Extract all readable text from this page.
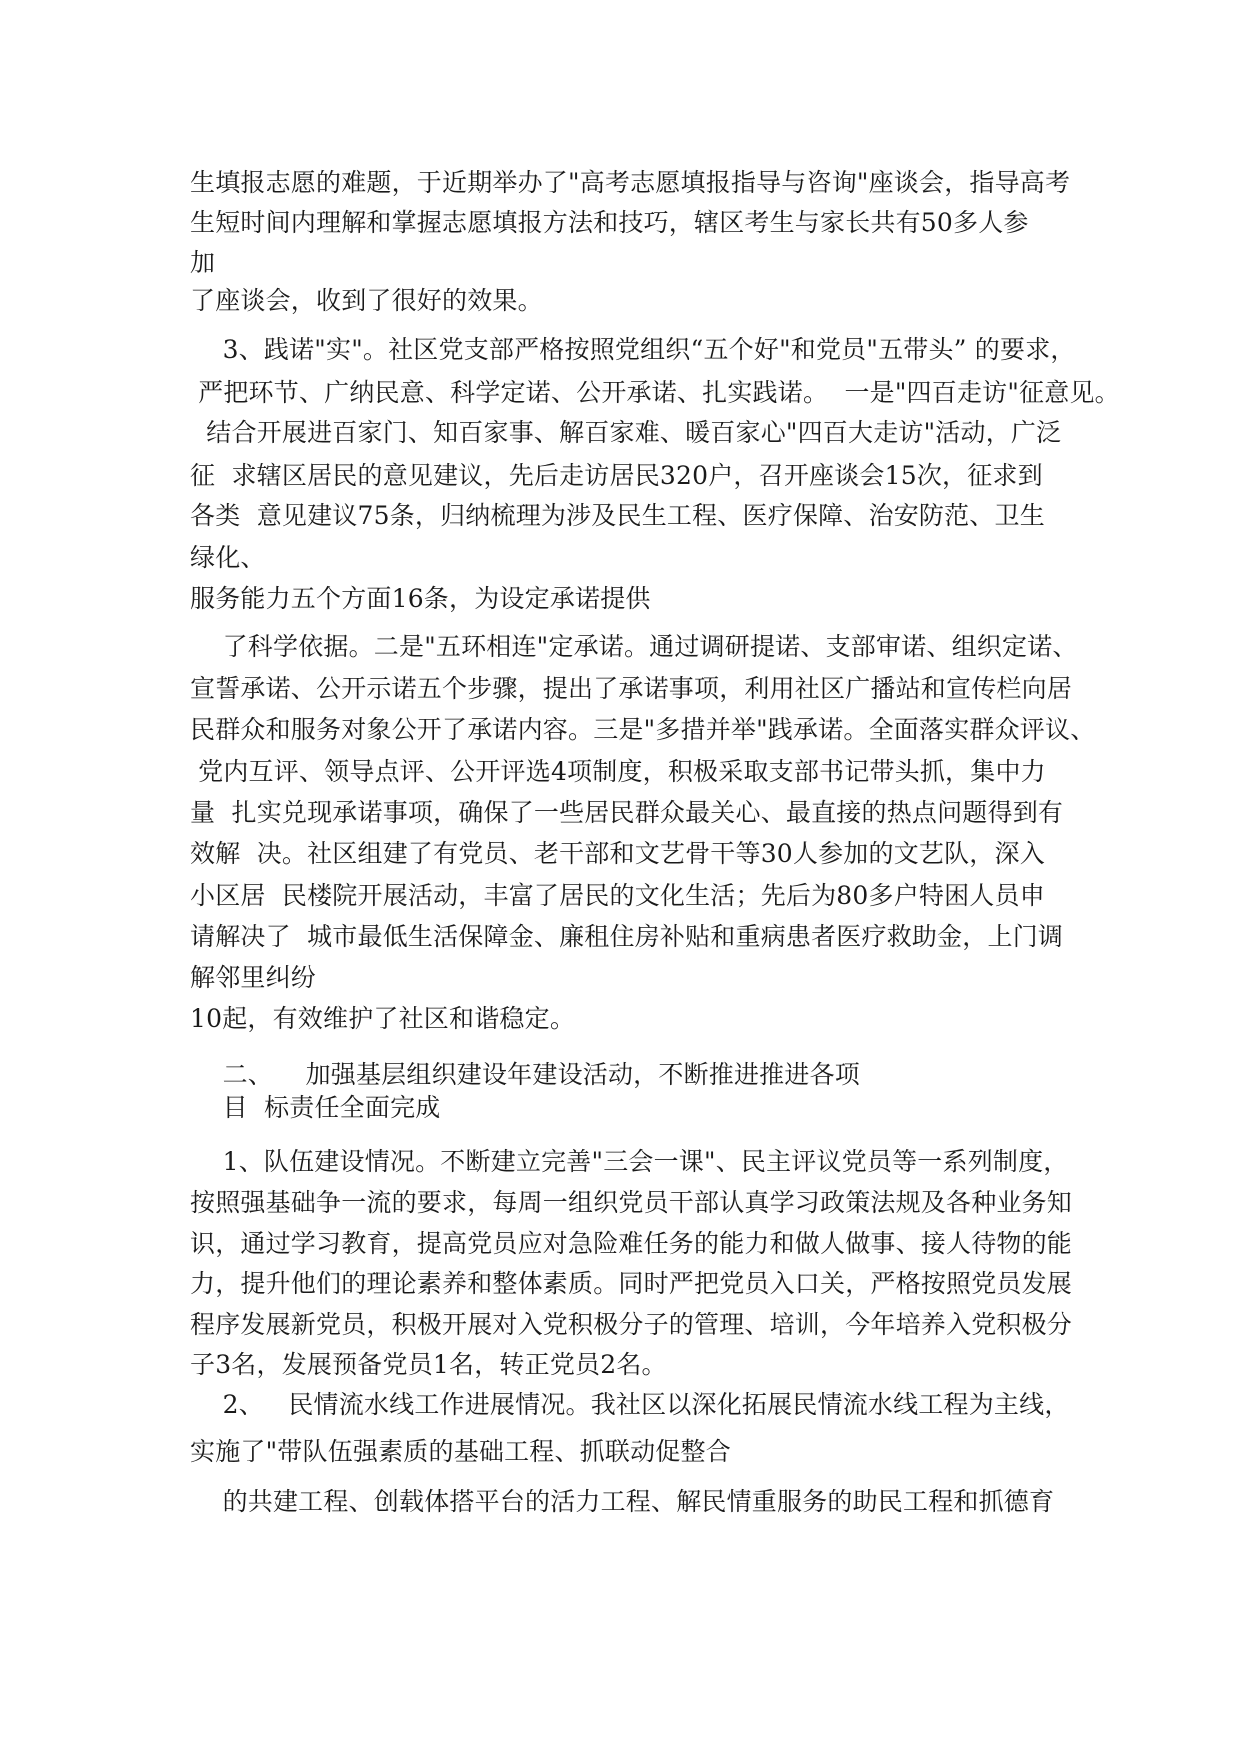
生填报志愿的难题，于近期举办了"高考志愿填报指导与咨询"座谈会，指导高考
生短时间内理解和掌握志愿填报方法和技巧，辖区考生与家长共有50多人参
加
了座谈会，收到了很好的效果。
3、践诺"实"。社区党支部严格按照党组织“五个好"和党员"五带头” 的要求，
严把环节、广纳民意、科学定诺、公开承诺、扎实践诺。  一是"四百走访"征意见。
结合开展进百家门、知百家事、解百家难、暖百家心"四百大走访"活动，广泛
征  求辖区居民的意见建议，先后走访居民320户，召开座谈会15次，征求到
各类  意见建议75条，归纳梳理为涉及民生工程、医疗保障、治安防范、卫生
绿化、
服务能力五个方面16条，为设定承诺提供
了科学依据。二是"五环相连"定承诺。通过调研提诺、支部审诺、组织定诺、
宣誓承诺、公开示诺五个步骤，提出了承诺事项，利用社区广播站和宣传栏向居
民群众和服务对象公开了承诺内容。三是"多措并举"践承诺。全面落实群众评议、
党内互评、领导点评、公开评选4项制度，积极采取支部书记带头抓，集中力
量  扎实兑现承诺事项，确保了一些居民群众最关心、最直接的热点问题得到有
效解  决。社区组建了有党员、老干部和文艺骨干等30人参加的文艺队，深入
小区居  民楼院开展活动，丰富了居民的文化生活；先后为80多户特困人员申
请解决了  城市最低生活保障金、廉租住房补贴和重病患者医疗救助金，上门调
解邻里纠纷
10起，有效维护了社区和谐稳定。
二、    加强基层组织建设年建设活动，不断推进推进各项
目  标责任全面完成
1、队伍建设情况。不断建立完善"三会一课"、民主评议党员等一系列制度，
按照强基础争一流的要求，每周一组织党员干部认真学习政策法规及各种业务知
识，通过学习教育，提高党员应对急险难任务的能力和做人做事、接人待物的能
力，提升他们的理论素养和整体素质。同时严把党员入口关，严格按照党员发展
程序发展新党员，积极开展对入党积极分子的管理、培训，今年培养入党积极分
子3名，发展预备党员1名，转正党员2名。
2、   民情流水线工作进展情况。我社区以深化拓展民情流水线工程为主线，
实施了"带队伍强素质的基础工程、抓联动促整合
的共建工程、创载体搭平台的活力工程、解民情重服务的助民工程和抓德育
